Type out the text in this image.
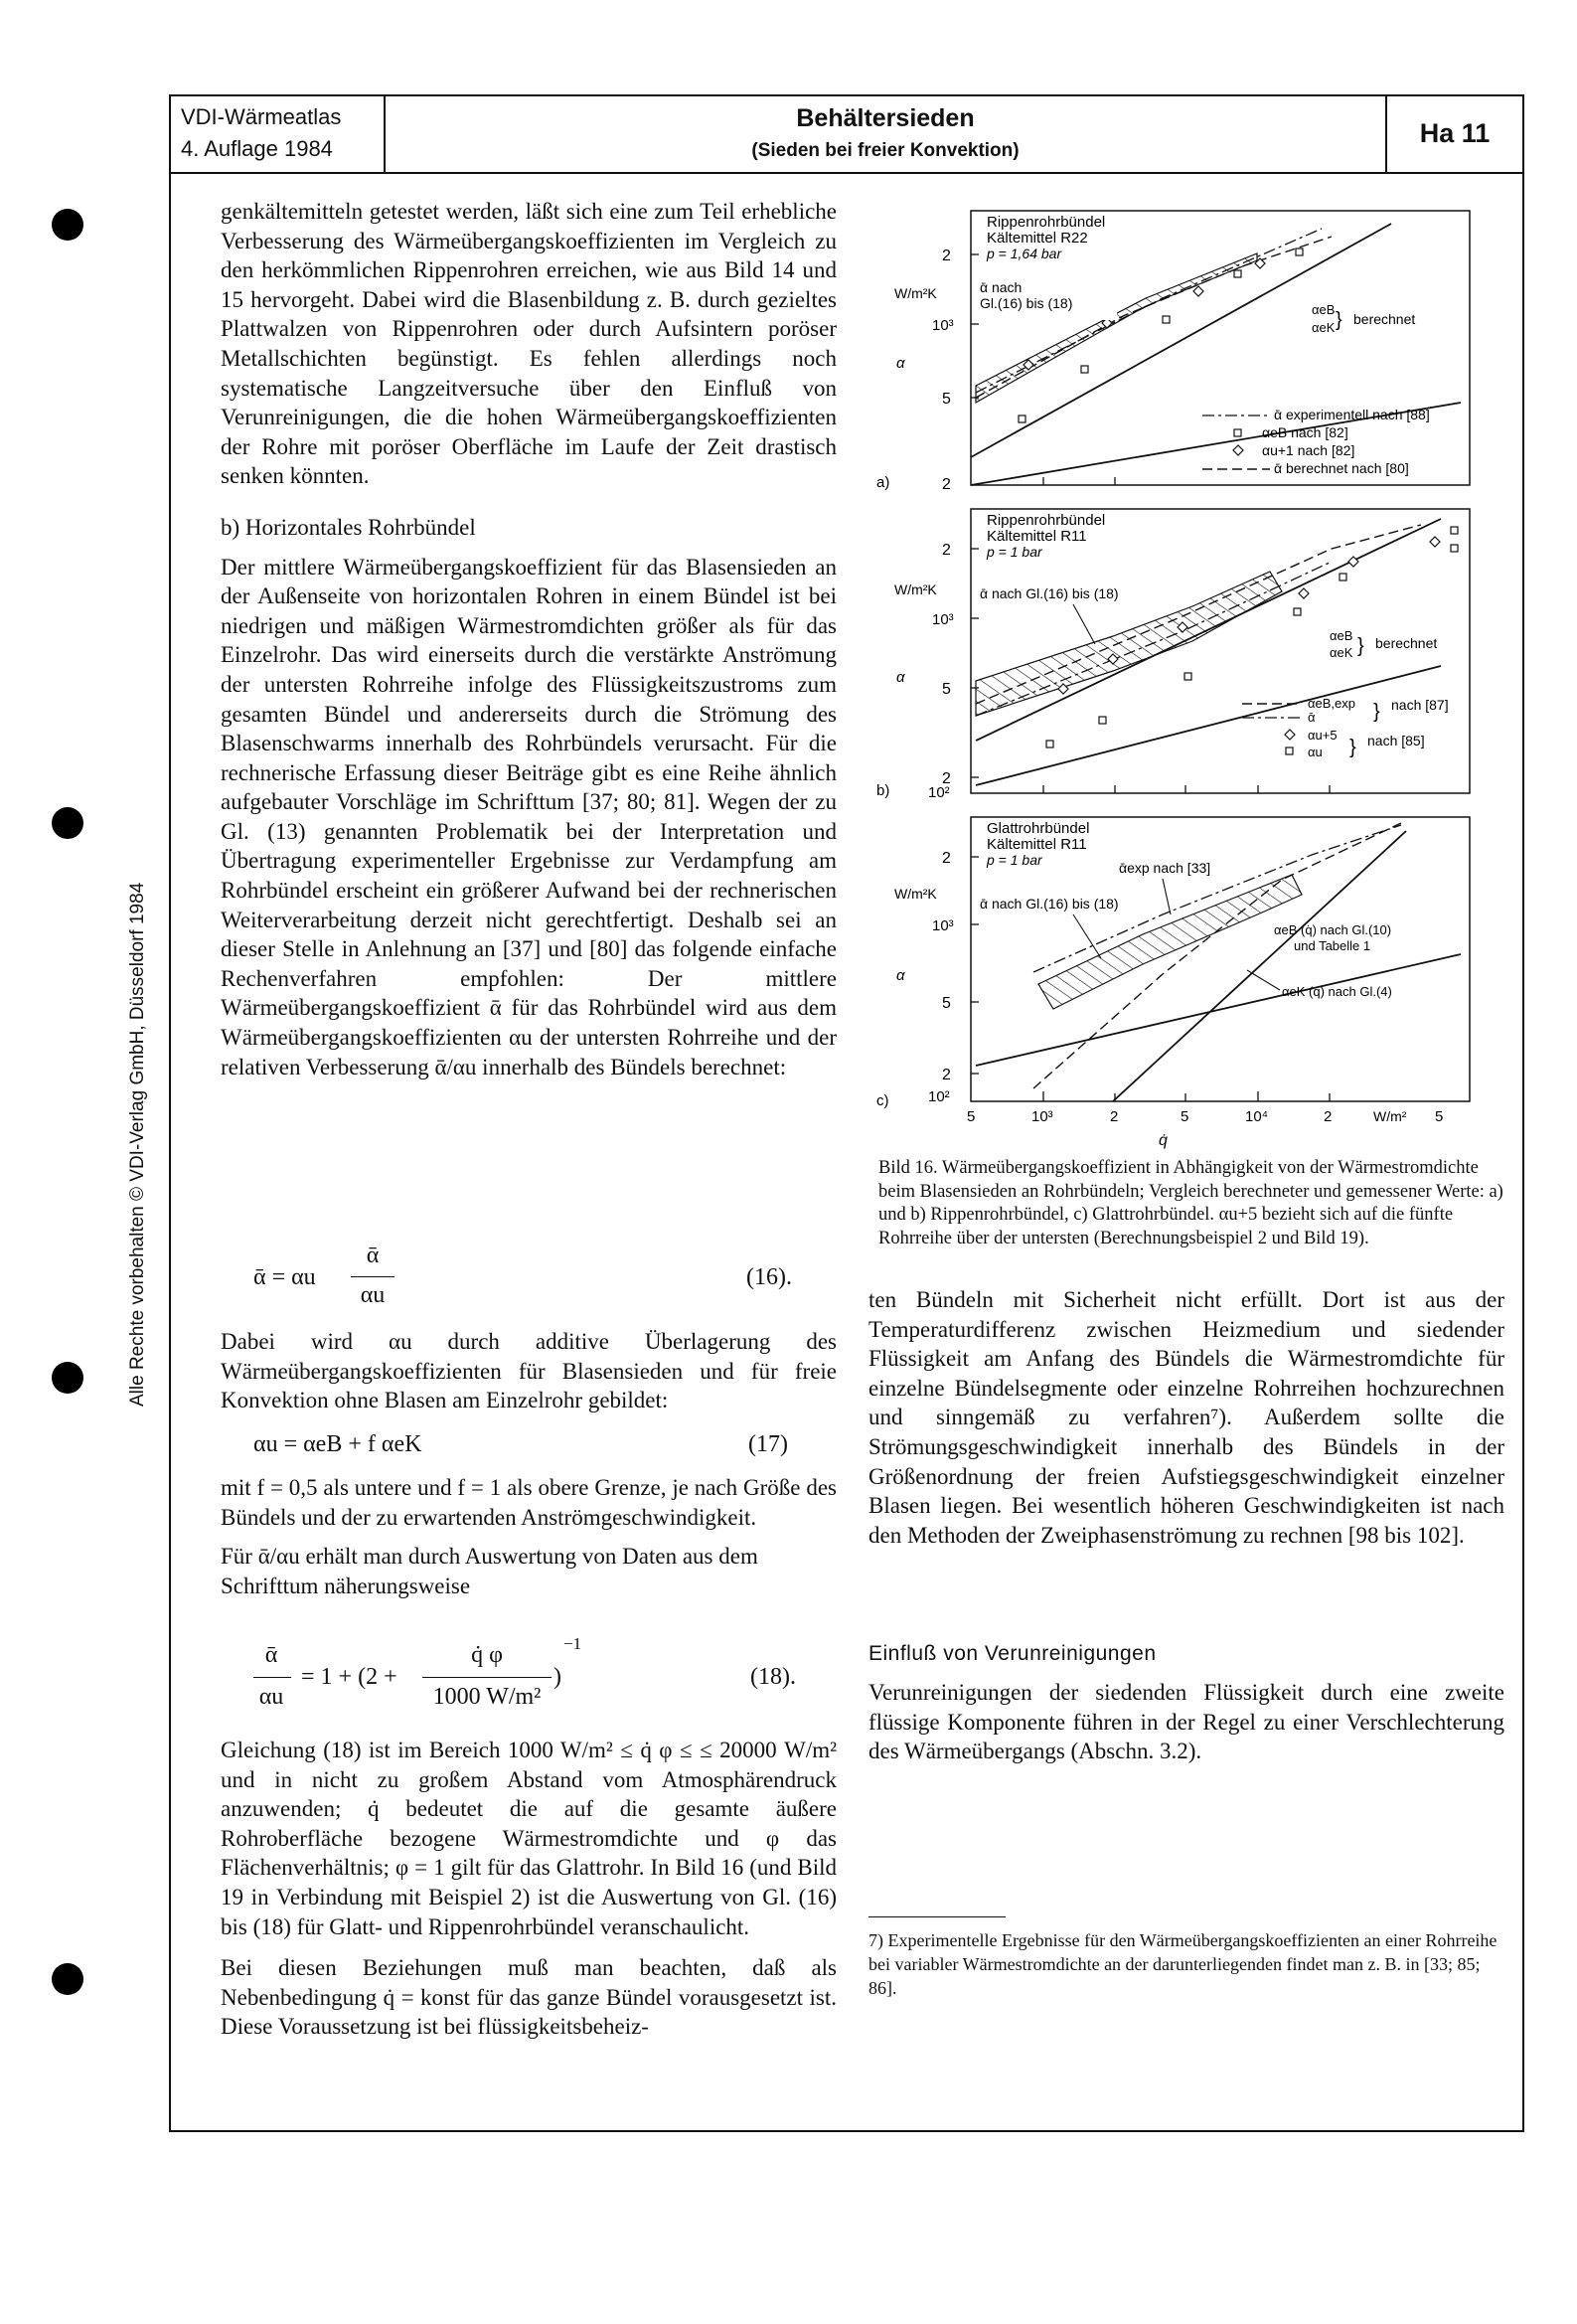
Alle Rechte vorbehalten © VDI-Verlag GmbH, Düsseldorf 1984
VDI-Wärmeatlas
4. Auflage 1984
Behältersieden
(Sieden bei freier Konvektion)
Ha 11

genkältemitteln getestet werden, läßt sich eine zum Teil erhebliche Verbesserung des Wärmeübergangskoeffizienten im Vergleich zu den herkömmlichen Rippenrohren erreichen, wie aus Bild 14 und 15 hervorgeht. Dabei wird die Blasenbildung z. B. durch gezieltes Plattwalzen von Rippenrohren oder durch Aufsintern poröser Metallschichten begünstigt. Es fehlen allerdings noch systematische Langzeitversuche über den Einfluß von Verunreinigungen, die die hohen Wärmeübergangskoeffizienten der Rohre mit poröser Oberfläche im Laufe der Zeit drastisch senken könnten.

b) Horizontales Rohrbündel

Der mittlere Wärmeübergangskoeffizient für das Blasensieden an der Außenseite von horizontalen Rohren in einem Bündel ist bei niedrigen und mäßigen Wärmestromdichten größer als für das Einzelrohr. Das wird einerseits durch die verstärkte Anströmung der untersten Rohrreihe infolge des Flüssigkeitszustroms zum gesamten Bündel und andererseits durch die Strömung des Blasenschwarms innerhalb des Rohrbündels verursacht. Für die rechnerische Erfassung dieser Beiträge gibt es eine Reihe ähnlich aufgebauter Vorschläge im Schrifttum [37; 80; 81]. Wegen der zu Gl. (13) genannten Problematik bei der Interpretation und Übertragung experimenteller Ergebnisse zur Verdampfung am Rohrbündel erscheint ein größerer Aufwand bei der rechnerischen Weiterverarbeitung derzeit nicht gerechtfertigt. Deshalb sei an dieser Stelle in Anlehnung an [37] und [80] das folgende einfache Rechenverfahren empfohlen: Der mittlere Wärmeübergangskoeffizient ᾱ für das Rohrbündel wird aus dem Wärmeübergangskoeffizienten αu der untersten Rohrreihe und der relativen Verbesserung ᾱ/αu innerhalb des Bündels berechnet:

ᾱ = αu
ᾱ
αu
(16).

Dabei wird αu durch additive Überlagerung des Wärmeübergangskoeffizienten für Blasensieden und für freie Konvektion ohne Blasen am Einzelrohr gebildet:

αu = αeB + f αeK	(17)

mit f = 0,5 als untere und f = 1 als obere Grenze, je nach Größe des Bündels und der zu erwartenden Anströmgeschwindigkeit.

Für ᾱ/αu erhält man durch Auswertung von Daten aus dem Schrifttum näherungsweise

ᾱ
αu
= 1 + (2 +
q̇ φ
1000 W/m²
)
−1
(18).

Gleichung (18) ist im Bereich 1000 W/m² ≤ q̇ φ ≤ ≤ 20000 W/m² und in nicht zu großem Abstand vom Atmosphärendruck anzuwenden; q̇ bedeutet die auf die gesamte äußere Rohroberfläche bezogene Wärmestromdichte und φ das Flächenverhältnis; φ = 1 gilt für das Glattrohr. In Bild 16 (und Bild 19 in Verbindung mit Beispiel 2) ist die Auswertung von Gl. (16) bis (18) für Glatt- und Rippenrohrbündel veranschaulicht.

Bei diesen Beziehungen muß man beachten, daß als Nebenbedingung q̇ = konst für das ganze Bündel vorausgesetzt ist. Diese Voraussetzung ist bei flüssigkeitsbeheiz-

Rippenrohrbündel
Kältemittel R22
p = 1,64 bar
2
W/m²K
10³
α
5
2
a)
ᾱ nach
Gl.(16) bis (18)	αeB
αeK } berechnet
ᾱ experimentell nach [88]
αeB nach [82]
αu+1 nach [82]
ᾱ berechnet nach [80]
Rippenrohrbündel
Kältemittel R11
p = 1 bar
2
W/m²K
10³
α
5
2
10²
b)
ᾱ nach Gl.(16) bis (18)
αeB
αeK } berechnet
αeB,exp
ᾱ	} nach [87]
αu+5
αu } nach [85]
Glattrohrbündel
Kältemittel R11
p = 1 bar
2
W/m²K
10³
α
5
2
10²
c)
ᾱexp nach [33]
ᾱ nach Gl.(16) bis (18)
αeB (q̇) nach Gl.(10)
und Tabelle 1
αeK (q̇) nach Gl.(4)
5	10³	2	5	10⁴	2	W/m² 5
q̇
Bild 16. Wärmeübergangskoeffizient in Abhängigkeit von der Wärmestromdichte beim Blasensieden an Rohrbündeln; Vergleich berechneter und gemessener Werte: a) und b) Rippenrohrbündel, c) Glattrohrbündel. αu+5 bezieht sich auf die fünfte Rohrreihe über der untersten (Berechnungsbeispiel 2 und Bild 19).

ten Bündeln mit Sicherheit nicht erfüllt. Dort ist aus der Temperaturdifferenz zwischen Heizmedium und siedender Flüssigkeit am Anfang des Bündels die Wärmestromdichte für einzelne Bündelsegmente oder einzelne Rohrreihen hochzurechnen und sinngemäß zu verfahren⁷). Außerdem sollte die Strömungsgeschwindigkeit innerhalb des Bündels in der Größenordnung der freien Aufstiegsgeschwindigkeit einzelner Blasen liegen. Bei wesentlich höheren Geschwindigkeiten ist nach den Methoden der Zweiphasenströmung zu rechnen [98 bis 102].

Einfluß von Verunreinigungen

Verunreinigungen der siedenden Flüssigkeit durch eine zweite flüssige Komponente führen in der Regel zu einer Verschlechterung des Wärmeübergangs (Abschn. 3.2).

7) Experimentelle Ergebnisse für den Wärmeübergangskoeffizienten an einer Rohrreihe bei variabler Wärmestromdichte an der darunterliegenden findet man z. B. in [33; 85; 86].
